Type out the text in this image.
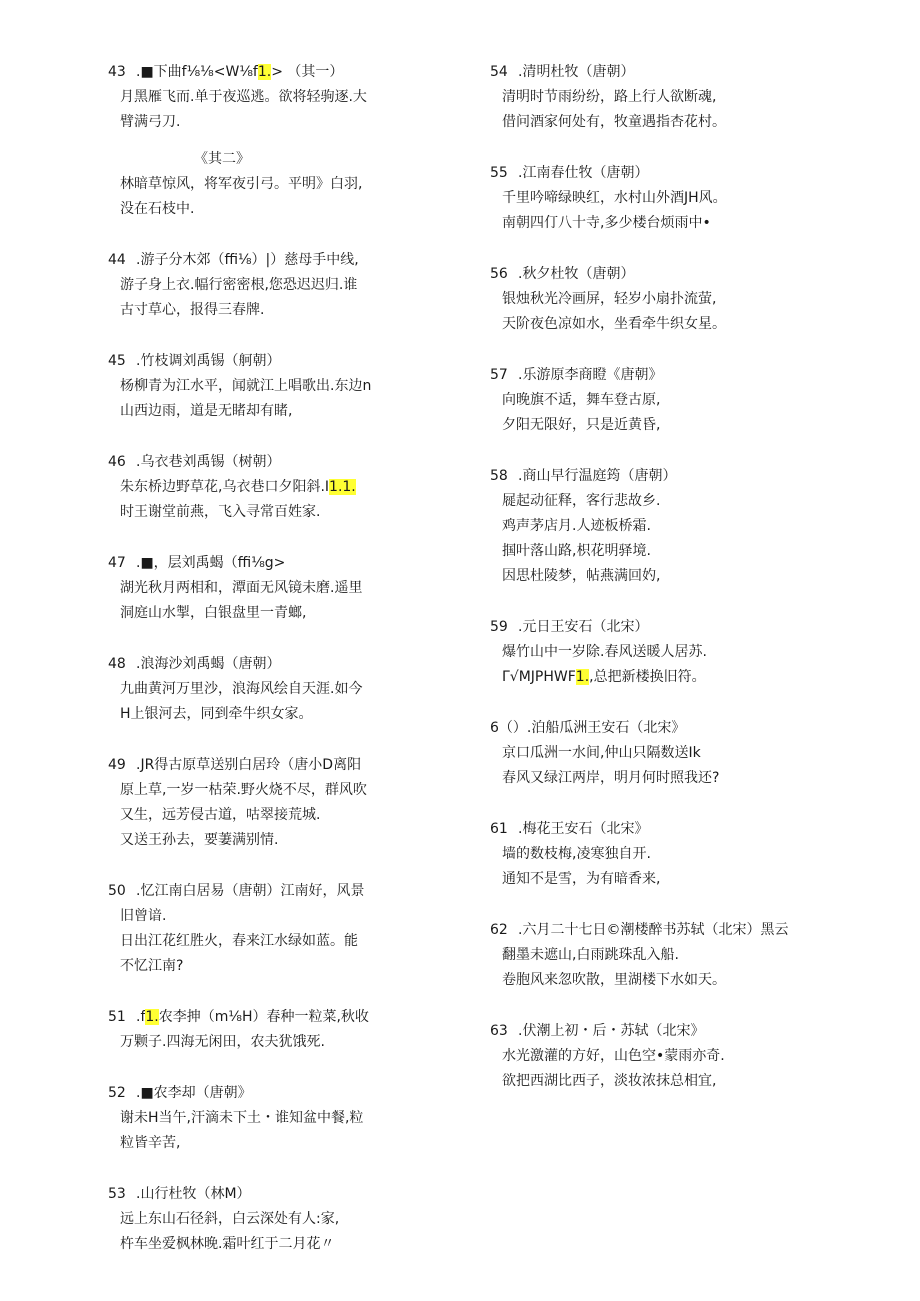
43 .■下曲f⅛⅛<W⅛f1.> （其一）
月黑雁飞而.单于夜巡逃。欲将轻驹逐.大
臂满弓刀.
《其二》
林暗草惊风，将军夜引弓。平明》白羽,
没在石枝中.
44 .游子分木郊（ffi⅛）|）慈母手中线,
游子身上衣.幅行密密根,您恐迟迟归.谁
古寸草心，报得三春牌.
45 .竹枝调刘禹锡（舸朝）
杨柳青为江水平，闻就江上唱歌出.东边n
山西边雨，道是无睹却有睹,
46 .乌衣巷刘禹锡（树朝）
朱东桥边野草花,乌衣巷口夕阳斜.I1.1.
时王谢堂前燕，飞入寻常百姓家.
47 .■，层刘禹蝎（ffi⅛g>
湖光秋月两相和，潭面无风镜未磨.遥里
洞庭山水掣，白银盘里一青螂,
48 .浪海沙刘禹蝎（唐朝）
九曲黄河万里沙，浪海风绘自天涯.如今
H上银河去，同到牵牛织女家。
49 .JR得古原草送别白居玲（唐小D离阳
原上草,一岁一枯荣.野火烧不尽，群风吹
又生，远芳侵古道，咕翠接荒城.
又送王孙去，要萋满别情.
50 .忆江南白居易（唐朝）江南好，风景
旧曾谙.
日出江花红胜火，春来江水绿如蓝。能
不忆江南?
51 .f1.农李抻（m⅛H）春种一粒菜,秋收
万颗子.四海无闲田，农夫犹饿死.
52 .■农李却（唐朝》
谢未H当午,汗滴未下土・谁知盆中餐,粒
粒皆辛苦,
53 .山行杜牧（林M）
远上东山石径斜，白云深处有人:家,
杵车坐爱枫林晚.霜叶红于二月花〃
54 .清明杜牧（唐朝）
清明时节雨纷纷，路上行人欲断魂,
借问酒家何处有，牧童遇指杏花村。
55 .江南春仕牧（唐朝）
千里吟啼绿映红，水村山外酒JH风。
南朝四仃八十寺,多少楼台烦雨中•
56 .秋夕杜牧（唐朝）
银烛秋光冷画屏，轻岁小扇扑流萤,
天阶夜色凉如水，坐看牵牛织女星。
57 .乐游原李商瞪《唐朝》
向晚旗不适，舞车登古原,
夕阳无限好，只是近黄昏,
58 .商山早行温庭筠（唐朝）
屣起动征释，客行悲故乡.
鸡声茅店月.人迹板桥霜.
掴叶落山路,枳花明驿境.
因思杜陵梦，帖燕满回妁,
59 .元日王安石（北宋）
爆竹山中一岁除.春风送暖人居苏.
Γ√MJPHWF1.,总把新楼换旧符。
6（）.泊船瓜洲王安石（北宋》
京口瓜洲一水间,仲山只隔数送Ik
春风又绿江两岸，明月何时照我还?
61 .梅花王安石（北宋》
墙的数枝梅,凌寒独自开.
通知不是雪，为有暗香来,
62 .六月二十七日©潮楼醉书苏轼（北宋）黑云
翻墨未遮山,白雨跳珠乱入船.
卷胞风来忽吹散，里湖楼下水如天。
63 .伏潮上初・后・苏轼（北宋》
水光激灌的方好，山色空•蒙雨亦奇.
欲把西湖比西子，淡妆浓抹总相宜,
